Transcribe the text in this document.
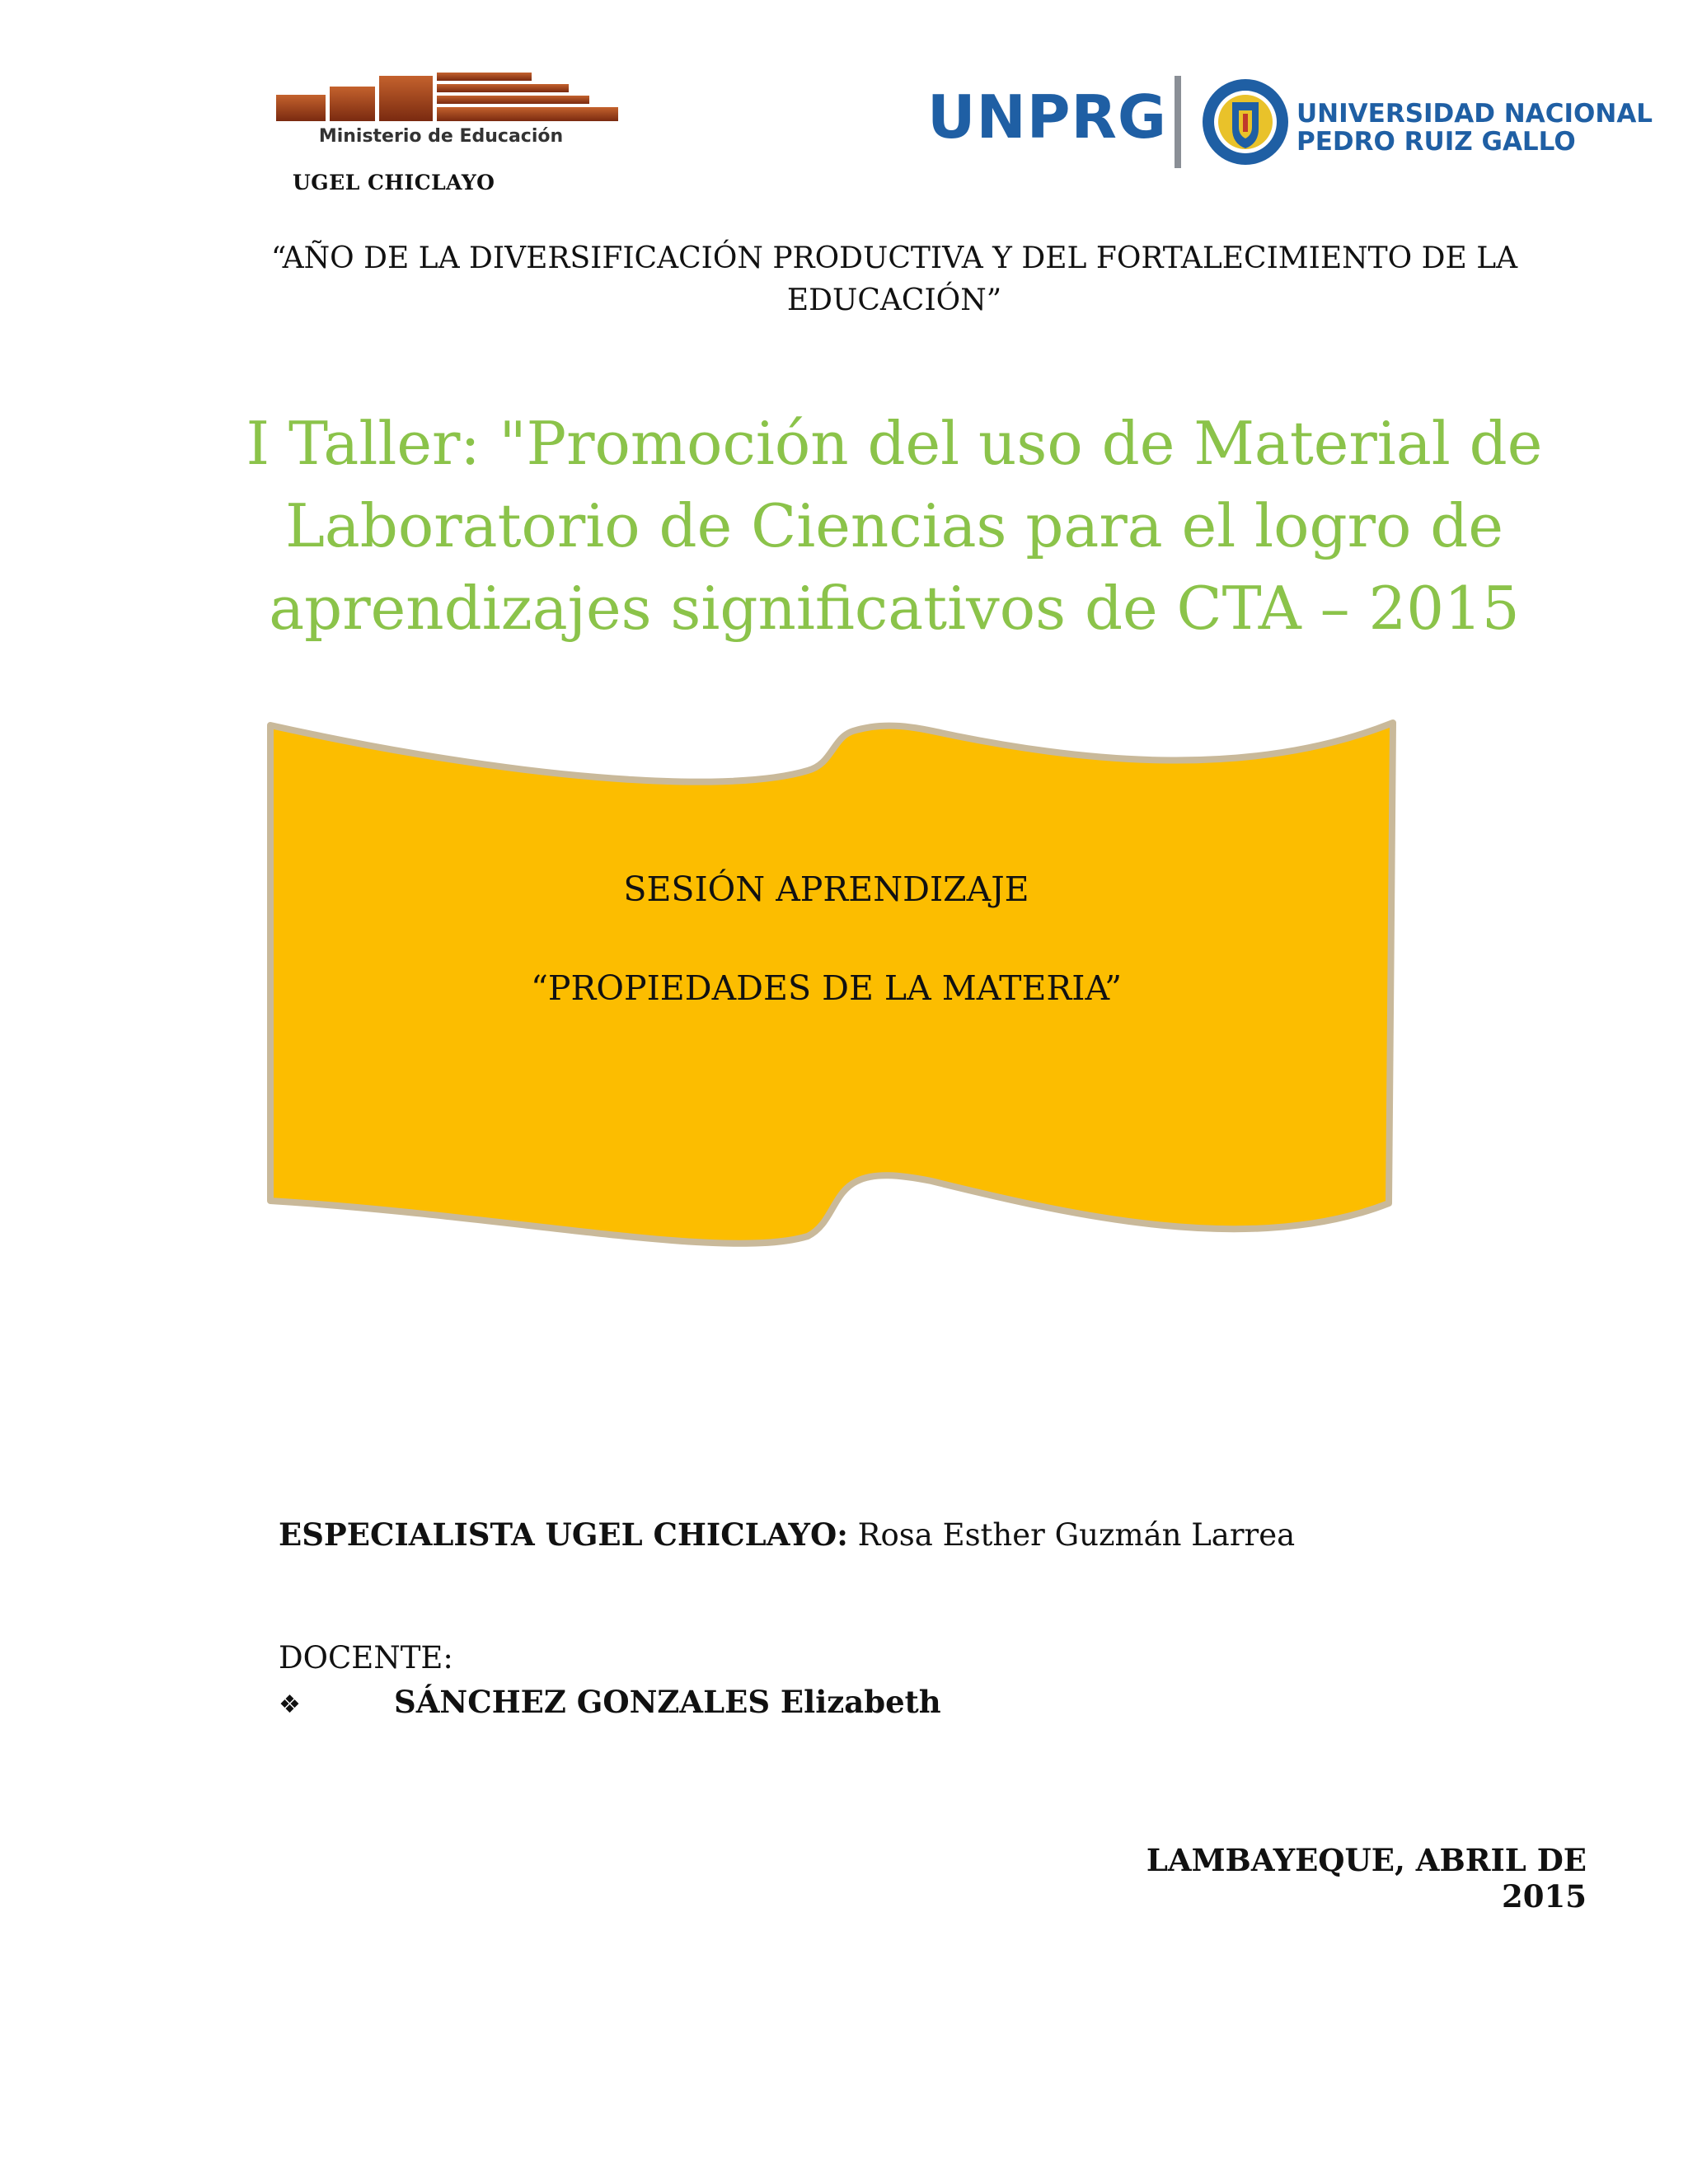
Ministerio de Educación
UGEL CHICLAYO
UNPRG	UNIVERSIDAD NACIONAL
PEDRO RUIZ GALLO
“AÑO DE LA DIVERSIFICACIÓN PRODUCTIVA Y DEL FORTALECIMIENTO DE LA
EDUCACIÓN”
I Taller: "Promoción del uso de Material de
Laboratorio de Ciencias para el logro de
aprendizajes significativos de CTA – 2015
SESIÓN APRENDIZAJE
“PROPIEDADES DE LA MATERIA”
ESPECIALISTA UGEL CHICLAYO: Rosa Esther Guzmán Larrea
DOCENTE:
❖	SÁNCHEZ GONZALES Elizabeth
LAMBAYEQUE, ABRIL DE 2015
